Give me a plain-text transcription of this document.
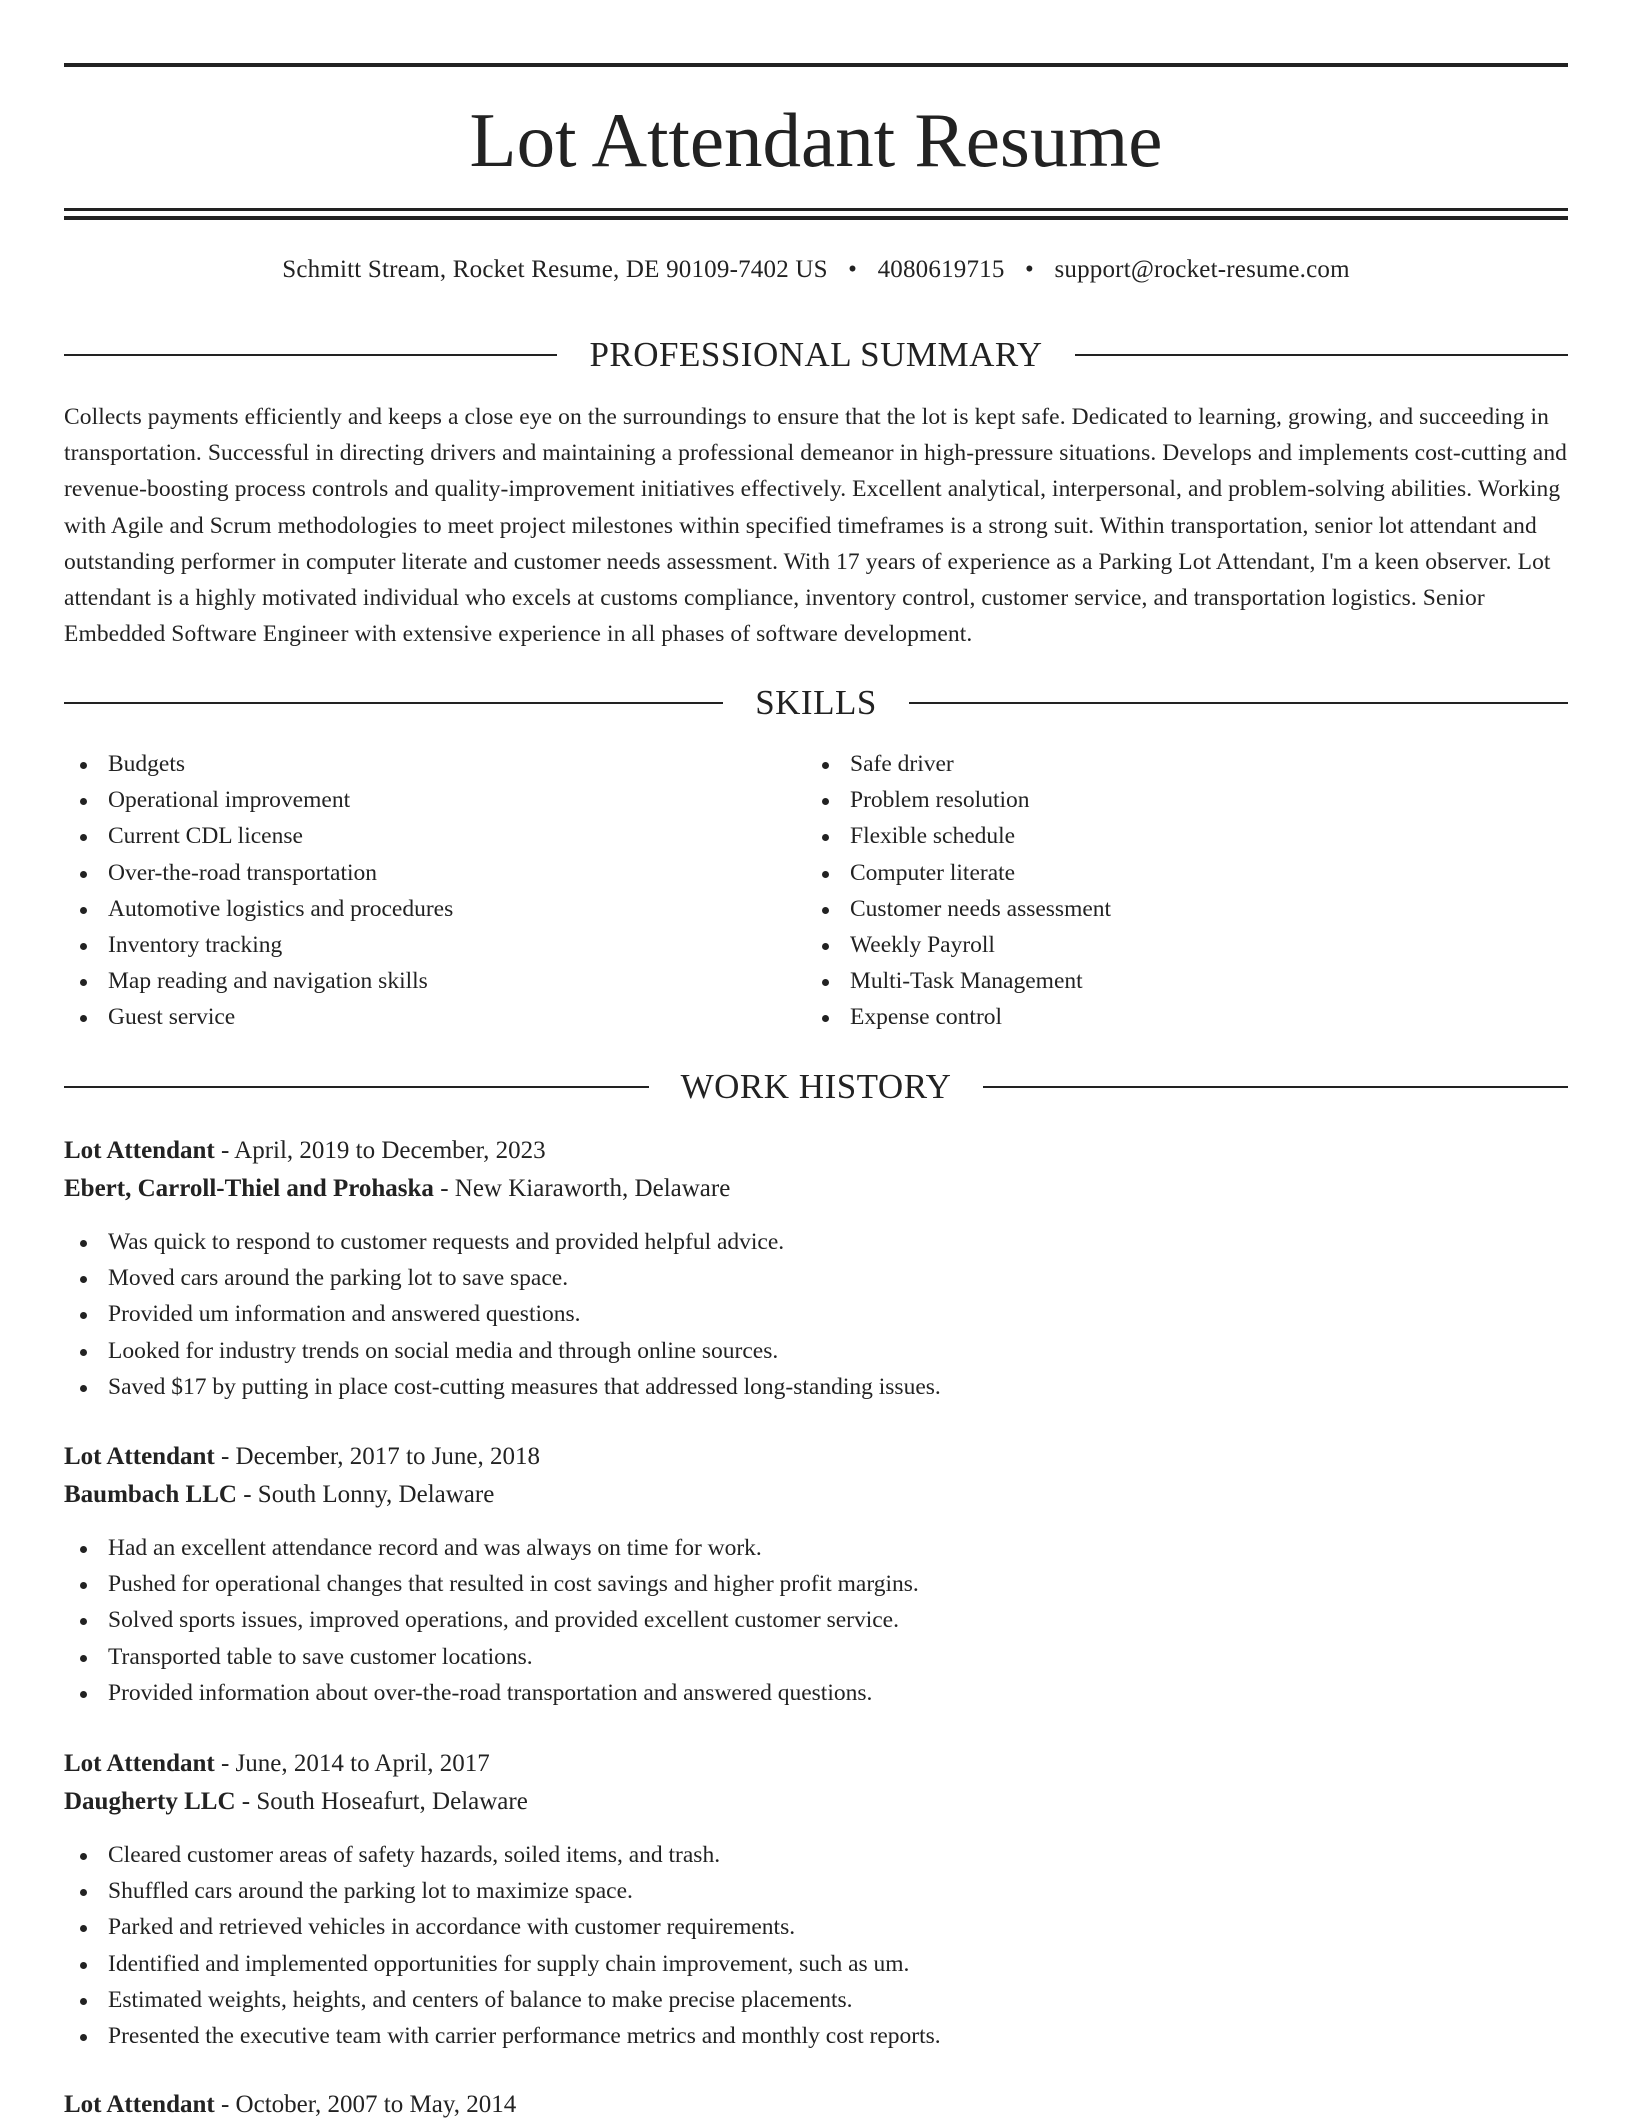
Lot Attendant Resume
Schmitt Stream, Rocket Resume, DE 90109-7402 US • 4080619715 • support@rocket-resume.com
PROFESSIONAL SUMMARY

Collects payments efficiently and keeps a close eye on the surroundings to ensure that the lot is kept safe. Dedicated to learning, growing, and succeeding in transportation. Successful in directing drivers and maintaining a professional demeanor in high-pressure situations. Develops and implements cost-cutting and revenue-boosting process controls and quality-improvement initiatives effectively. Excellent analytical, interpersonal, and problem-solving abilities. Working with Agile and Scrum methodologies to meet project milestones within specified timeframes is a strong suit. Within transportation, senior lot attendant and outstanding performer in computer literate and customer needs assessment. With 17 years of experience as a Parking Lot Attendant, I'm a keen observer. Lot attendant is a highly motivated individual who excels at customs compliance, inventory control, customer service, and transportation logistics. Senior Embedded Software Engineer with extensive experience in all phases of software development.

SKILLS
Budgets
Operational improvement
Current CDL license
Over-the-road transportation
Automotive logistics and procedures
Inventory tracking
Map reading and navigation skills
Guest service
Safe driver
Problem resolution
Flexible schedule
Computer literate
Customer needs assessment
Weekly Payroll
Multi-Task Management
Expense control
WORK HISTORY
Lot Attendant - April, 2019 to December, 2023
Ebert, Carroll-Thiel and Prohaska - New Kiaraworth, Delaware
Was quick to respond to customer requests and provided helpful advice.
Moved cars around the parking lot to save space.
Provided um information and answered questions.
Looked for industry trends on social media and through online sources.
Saved $17 by putting in place cost-cutting measures that addressed long-standing issues.
Lot Attendant - December, 2017 to June, 2018
Baumbach LLC - South Lonny, Delaware
Had an excellent attendance record and was always on time for work.
Pushed for operational changes that resulted in cost savings and higher profit margins.
Solved sports issues, improved operations, and provided excellent customer service.
Transported table to save customer locations.
Provided information about over-the-road transportation and answered questions.
Lot Attendant - June, 2014 to April, 2017
Daugherty LLC - South Hoseafurt, Delaware
Cleared customer areas of safety hazards, soiled items, and trash.
Shuffled cars around the parking lot to maximize space.
Parked and retrieved vehicles in accordance with customer requirements.
Identified and implemented opportunities for supply chain improvement, such as um.
Estimated weights, heights, and centers of balance to make precise placements.
Presented the executive team with carrier performance metrics and monthly cost reports.
Lot Attendant - October, 2007 to May, 2014
